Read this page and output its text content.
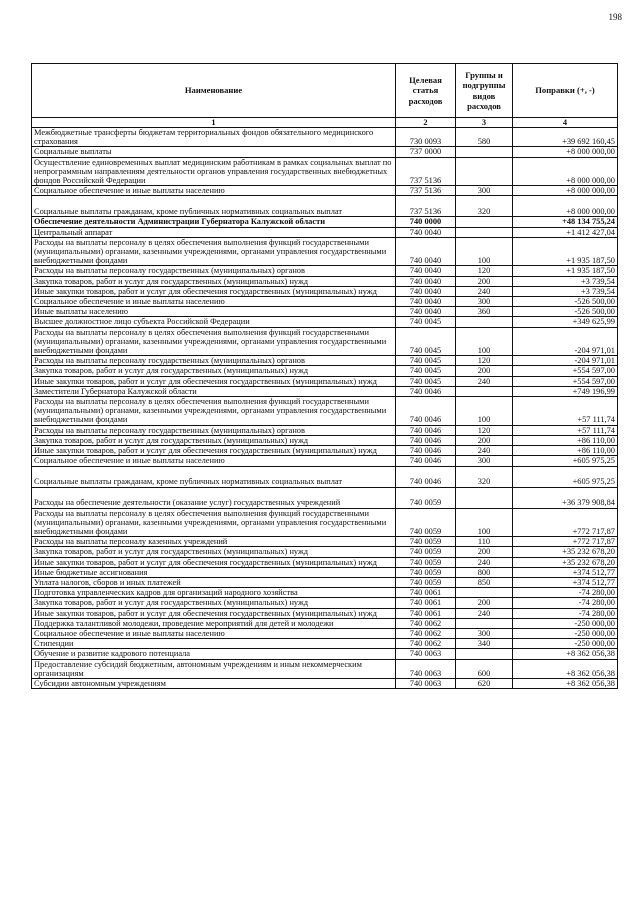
198
Наименование	Целевая статья расходов	Группы и подгруппы видов расходов	Поправки (+, -)
1	2	3	4
Межбюджетные трансферты бюджетам территориальных фондов обязательного медицинского страхования	730 0093	580	+39 692 160,45
Социальные выплаты	737 0000		+8 000 000,00
Осуществление единовременных выплат медицинским работникам в рамках социальных выплат по непрограммным направлениям деятельности органов управления государственных внебюджетных фондов Российской Федерации	737 5136		+8 000 000,00
Социальное обеспечение и иные выплаты населению	737 5136	300	+8 000 000,00
Социальные выплаты гражданам, кроме публичных нормативных социальных выплат	737 5136	320	+8 000 000,00
Обеспечение деятельности Администрации Губернатора Калужской области	740 0000		+48 134 755,24
Центральный аппарат	740 0040		+1 412 427,04
Расходы на выплаты персоналу в целях обеспечения выполнения функций государственными (муниципальными) органами, казенными учреждениями, органами управления государственными внебюджетными фондами	740 0040	100	+1 935 187,50
Расходы на выплаты персоналу государственных (муниципальных) органов	740 0040	120	+1 935 187,50
Закупка товаров, работ и услуг для государственных (муниципальных) нужд	740 0040	200	+3 739,54
Иные закупки товаров, работ и услуг для обеспечения государственных (муниципальных) нужд	740 0040	240	+3 739,54
Социальное обеспечение и иные выплаты населению	740 0040	300	-526 500,00
Иные выплаты населению	740 0040	360	-526 500,00
Высшее должностное лицо субъекта Российской Федерации	740 0045		+349 625,99
Расходы на выплаты персоналу в целях обеспечения выполнения функций государственными (муниципальными) органами, казенными учреждениями, органами управления государственными внебюджетными фондами	740 0045	100	-204 971,01
Расходы на выплаты персоналу государственных (муниципальных) органов	740 0045	120	-204 971,01
Закупка товаров, работ и услуг для государственных (муниципальных) нужд	740 0045	200	+554 597,00
Иные закупки товаров, работ и услуг для обеспечения государственных (муниципальных) нужд	740 0045	240	+554 597,00
Заместители Губернатора Калужской области	740 0046		+749 196,99
Расходы на выплаты персоналу в целях обеспечения выполнения функций государственными (муниципальными) органами, казенными учреждениями, органами управления государственными внебюджетными фондами	740 0046	100	+57 111,74
Расходы на выплаты персоналу государственных (муниципальных) органов	740 0046	120	+57 111,74
Закупка товаров, работ и услуг для государственных (муниципальных) нужд	740 0046	200	+86 110,00
Иные закупки товаров, работ и услуг для обеспечения государственных (муниципальных) нужд	740 0046	240	+86 110,00
Социальное обеспечение и иные выплаты населению	740 0046	300	+605 975,25
Социальные выплаты гражданам, кроме публичных нормативных социальных выплат	740 0046	320	+605 975,25
Расходы на обеспечение деятельности (оказание услуг) государственных учреждений	740 0059		+36 379 908,84
Расходы на выплаты персоналу в целях обеспечения выполнения функций государственными (муниципальными) органами, казенными учреждениями, органами управления государственными внебюджетными фондами	740 0059	100	+772 717,87
Расходы на выплаты персоналу казенных учреждений	740 0059	110	+772 717,87
Закупка товаров, работ и услуг для государственных (муниципальных) нужд	740 0059	200	+35 232 678,20
Иные закупки товаров, работ и услуг для обеспечения государственных (муниципальных) нужд	740 0059	240	+35 232 678,20
Иные бюджетные ассигнования	740 0059	800	+374 512,77
Уплата налогов, сборов и иных платежей	740 0059	850	+374 512,77
Подготовка управленческих кадров для организаций народного хозяйства	740 0061		-74 280,00
Закупка товаров, работ и услуг для государственных (муниципальных) нужд	740 0061	200	-74 280,00
Иные закупки товаров, работ и услуг для обеспечения государственных (муниципальных) нужд	740 0061	240	-74 280,00
Поддержка талантливой молодежи, проведение мероприятий для детей и молодежи	740 0062		-250 000,00
Социальное обеспечение и иные выплаты населению	740 0062	300	-250 000,00
Стипендии	740 0062	340	-250 000,00
Обучение и развитие кадрового потенциала	740 0063		+8 362 056,38
Предоставление субсидий бюджетным, автономным учреждениям и иным некоммерческим организациям	740 0063	600	+8 362 056,38
Субсидии автономным учреждениям	740 0063	620	+8 362 056,38
